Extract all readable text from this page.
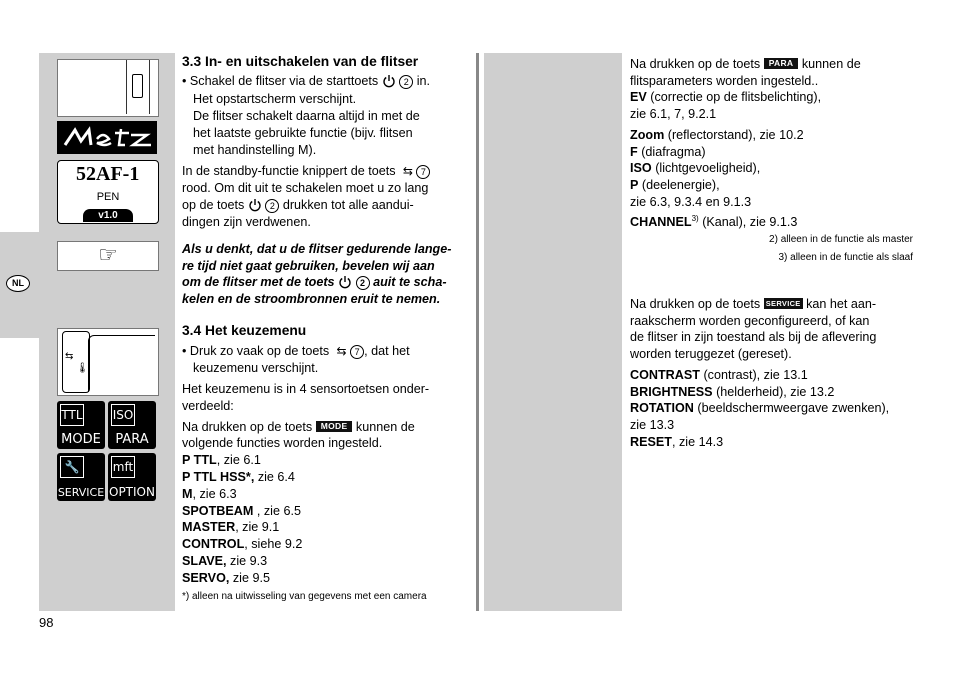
NL
52AF-1
PEN
v1.0
☞
⇆
🌡
TTL
MODE
ISO
PARA
🔧
SERVICE
mft
OPTION
3.3 In- en uitschakelen van de flitser
• Schakel de flitser via de starttoets	2 in.
Het opstartscherm verschijnt.
De flitser schakelt daarna altijd in met de
het laatste gebruikte functie (bijv. flitsen
met handinstelling M).
In de standby-functie knippert de toets  ⇆ 7
rood. Om dit uit te schakelen moet u zo lang
op de toets	2 drukken tot alle aandui-
dingen zijn verdwenen.
Als u denkt, dat u de flitser gedurende lange-
re tijd niet gaat gebruiken, bevelen wij aan
om de flitser met de toets	2 auit te scha-
kelen en de stroombronnen eruit te nemen.
3.4 Het keuzemenu
• Druk zo vaak op de toets  ⇆ 7 , dat het
keuzemenu verschijnt.
Het keuzemenu is in 4 sensortoetsen onder-
verdeeld:
Na drukken op de toets MODE kunnen de
volgende functies worden ingesteld.
P TTL, zie 6.1
P TTL HSS*, zie 6.4
M, zie 6.3
SPOTBEAM , zie 6.5
MASTER, zie 9.1
CONTROL, siehe 9.2
SLAVE, zie 9.3
SERVO, zie 9.5
*) alleen na uitwisseling van gegevens met een camera
Na drukken op de toets PARA kunnen de
flitsparameters worden ingesteld..
EV (correctie op de flitsbelichting),
zie 6.1, 7, 9.2.1
Zoom (reflectorstand), zie 10.2
F (diafragma)
ISO (lichtgevoeligheid),
P (deelenergie),
zie 6.3, 9.3.4 en 9.1.3
CHANNEL$^{3)}$ (Kanal), zie 9.1.3
2) alleen in de functie als master
3) alleen in de functie als slaaf
Na drukken op de toets SERVICE kan het aan-
raakscherm worden geconfigureerd, of kan
de flitser in zijn toestand als bij de aflevering
worden teruggezet (gereset).
CONTRAST (contrast), zie 13.1
BRIGHTNESS (helderheid), zie 13.2
ROTATION (beeldschermweergave zwenken),
zie 13.3
RESET, zie 14.3
98
